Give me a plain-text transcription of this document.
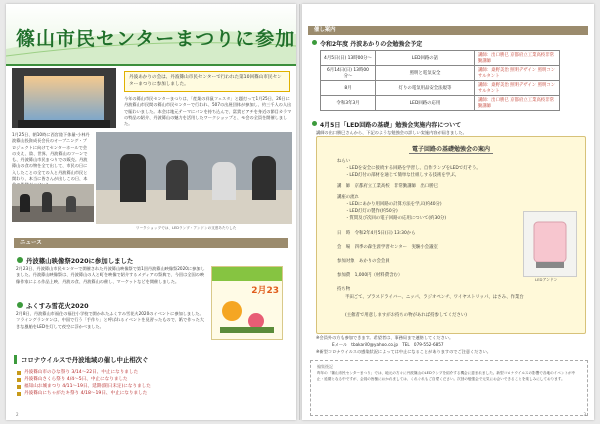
篠山市民センターまつりに参加
丹波あかりの会は、丹波篠山市民センターで行われた第10回篠山市民センターまつりに参加しました。

今年の篠山市民センターまつりは、「産業の祥鼠フェスタ」と題打って1月25日、26日に丹波篠山市民間の篠山市民センターで行われ、507の出展団体が参加し、約三千人の人出で賑わいました。本会は地元テーマにパンを持ち込んで、富貴ピアチを身近の節目カラマの特品の紹介、丹波篠山の魅力を活用したワークショップと、モ会の全員を開催しました。

1月25日、朝10時に西宮陸下体量-小林丹波篠山投資成長会長のオープニング・プロジェクトに向けてセンターホールで会の支え、陰、世界、丹波篠山のフーンでも、丹波篠山市民まつりでの販売。丹波篠山の食の物を全て出して、市民の日に入したことの全ての人と丹波篠山市民と関わり、本当に皆さんが出しこの日、本

ワークショップでは、LEDランプ・アンドンの支度あたりした
ニュース
丹波篠山映像祭2020に参加しました

2月23日、丹波篠山市民センターで開催された丹波篠山映像祭で第1回丹波篠山映像祭2020に参加しました。丹波篠山映像祭は、丹波篠山の人と町を映像で紹介するメディアの祭典で、今回は全国の映像作家による作品上映、丹波の食、丹波篠山の催し、マーケットなどを開催しました。

ふくすみ雪花火2020

2月8日、丹波篠山市福住の福住小学校で開かれたふくすみ雪花火2020のイベントに参加しました。フライングランタンは、中国で行う「手作り」と呼ばれるイベントを見習ったもので、紙で作った大きな風船をLEDを灯して夜空に浮かべました。

2月23
コロナウイルスで丹波地域の催し中止相次ぐ
丹波篠山市のひな祭り 3/14〜22日、中止になりました
丹波篠山さくら祭り 4/4〜5日、中止になりました
福知山お城まつり 4/11〜19日、延期(開日未定)になりました
丹波篠山にちゃがたキ祭り 4/18〜19日、中止になりました
2
催し案内
令和2年度 丹波あかりの会勉強会予定
4月5日(日) 13時00分〜	LED回路の話	講師：出口勝巳 京都府立工業高校非常勤講師
6月14日(日) 13時00分〜	照明と電気安全	講師：桑野美治 照明デザイン 照明コンサルタント
8月	灯りの電気用品安全法規等	講師：桑野美治 照明デザイン 照明コンサルタント
令和3年3月	LED回路の応用	講師：出口勝巳 京都府立工業高校非常勤講師
4月5日「LED回路の基礎」勉強会実施内容について
講師の出口勝巳さんから、下記のような勉強会の詳しい実施内容が届きました。
電子回路の基礎勉強会の案内

ねらい

・LEDを安全に接続する回路を学習し、自作ランプをLEDで灯そう。

・LED灯付の部材を通じて簡単な仕組しする技術を学ぶ。

講　師　京都府立工業高校　非常勤講師　出口勝巳

講座の流れ

・LEDにあかり用回路の計算方法を学ぶ(約40分)

・LED灯灯の製作(約50分)

・質問及び次回の電子回路の応用について(約30分)

日　時　令和2年4月5日(日) 13:30から

会　場　四季の森生涯学習センター　実験小会議室

参加対象　あかりの会会員

参加費　1,000円（材料費含む）

持ち物

半田ごて、プラスドライバー、ニッパ、ラジオペンチ、ワイヤストリッパ、はさみ、作業台

(主催者で用意しますがお持ちの物があれば持参してください)

LEDアンドン

※会員外の方も参加できます。希望者は、事務局まで連絡してください。

Eメール　tbakaril0@yahoo.co.jp　TEL　079-552-6857

※新型コロナウイルスの感染状況によっては中止になることがありますのでご注意ください。

編集後記

昨年の「篠山市民センターまつり」では、地元の方々に丹波篠山のLEDランプを紹介する機会に恵まれました。新型コロナウイルスの影響で各地のイベントが中止・延期となる中ですが、会員の皆様におかれましては、くれぐれもご自愛ください。次回の勉強会で元気にお会いできることを楽しみにしております。

3
